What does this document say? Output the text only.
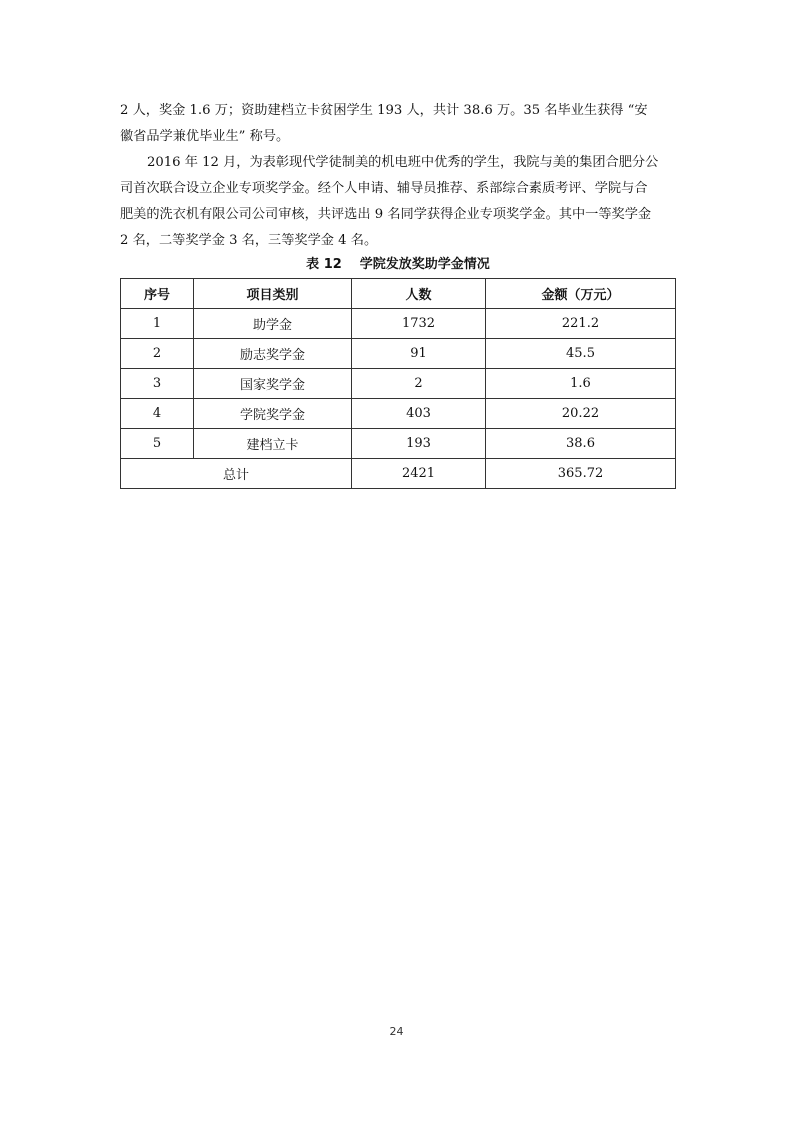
2 人，奖金 1.6 万；资助建档立卡贫困学生 193 人，共计 38.6 万。35 名毕业生获得 “安
徽省品学兼优毕业生” 称号。

2016 年 12 月，为表彰现代学徒制美的机电班中优秀的学生，我院与美的集团合肥分公
司首次联合设立企业专项奖学金。经个人申请、辅导员推荐、系部综合素质考评、学院与合
肥美的洗衣机有限公司公司审核，共评选出 9 名同学获得企业专项奖学金。其中一等奖学金
2 名，二等奖学金 3 名，三等奖学金 4 名。

表 12 学院发放奖助学金情况
序号	项目类别	人数	金额（万元）
1	助学金	1732	221.2
2	励志奖学金	91	45.5
3	国家奖学金	2	1.6
4	学院奖学金	403	20.22
5	建档立卡	193	38.6
总计		2421	365.72
24
